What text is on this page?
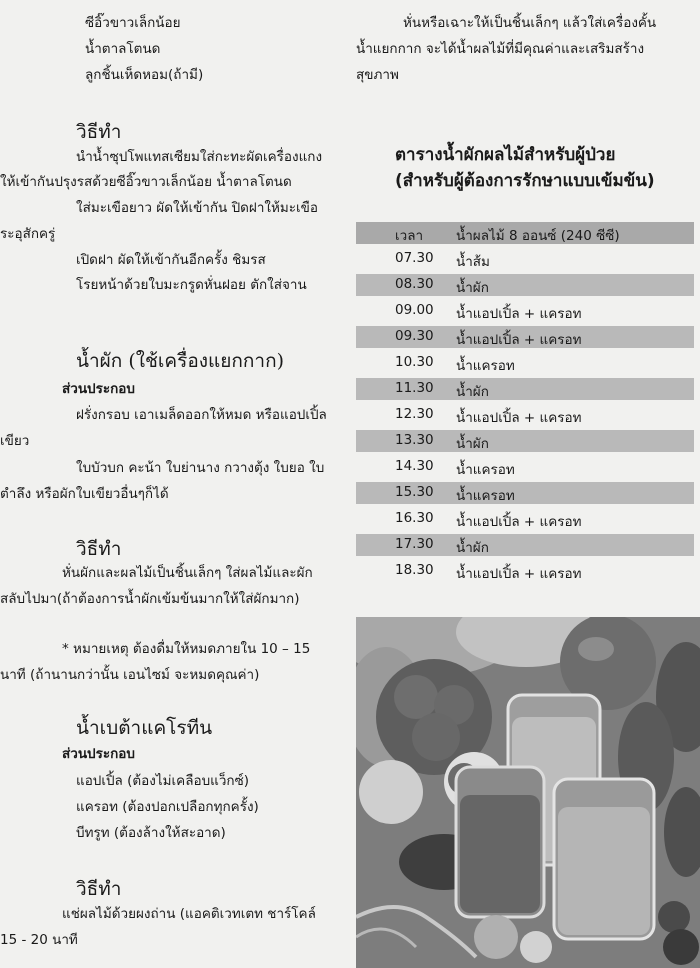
ซีอิ๊วขาวเล็กน้อย
น้ำตาลโตนด
ลูกชิ้นเห็ดหอม(ถ้ามี)
วิธีทำ
นำน้ำซุปโพแทสเซียมใส่กะทะผัดเครื่องแกง
ให้เข้ากันปรุงรสด้วยซีอิ๊วขาวเล็กน้อย น้ำตาลโตนด
ใส่มะเขือยาว ผัดให้เข้ากัน ปิดฝาให้มะเขือ
ระอุสักครู่
เปิดฝา ผัดให้เข้ากันอีกครั้ง ชิมรส
โรยหน้าด้วยใบมะกรูดหั่นฝอย ตักใส่จาน
น้ำผัก (ใช้เครื่องแยกกาก)
ส่วนประกอบ
ฝรั่งกรอบ เอาเมล็ดออกให้หมด หรือแอปเปิ้ล
เขียว
ใบบัวบก คะน้า ใบย่านาง กวางตุ้ง ใบยอ ใบ
ตำลึง หรือผักใบเขียวอื่นๆก็ได้
วิธีทำ
หั่นผักและผลไม้เป็นชิ้นเล็กๆ ใส่ผลไม้และผัก
สลับไปมา(ถ้าต้องการน้ำผักเข้มข้นมากให้ใส่ผักมาก)
* หมายเหตุ ต้องดื่มให้หมดภายใน 10 – 15
นาที (ถ้านานกว่านั้น เอนไซม์ จะหมดคุณค่า)
น้ำเบต้าแคโรทีน
ส่วนประกอบ
แอปเปิ้ล (ต้องไม่เคลือบแว็กซ์)
แครอท (ต้องปอกเปลือกทุกครั้ง)
บีทรูท (ต้องล้างให้สะอาด)
วิธีทำ
แช่ผลไม้ด้วยผงถ่าน (แอคติเวทเตท ชาร์โคล์
15 - 20 นาที
หั่นหรือเฉาะให้เป็นชิ้นเล็กๆ แล้วใส่เครื่องคั้น
น้ำแยกกาก จะได้น้ำผลไม้ที่มีคุณค่าและเสริมสร้าง
สุขภาพ
ตารางน้ำผักผลไม้สำหรับผู้ป่วย
(สำหรับผู้ต้องการรักษาแบบเข้มข้น)
เวลา น้ำผลไม้ 8 ออนซ์ (240 ซีซี)
07.30 น้ำส้ม
08.30 น้ำผัก
09.00 น้ำแอปเปิ้ล + แครอท
09.30 น้ำแอปเปิ้ล + แครอท
10.30 น้ำแครอท
11.30 น้ำผัก
12.30 น้ำแอปเปิ้ล + แครอท
13.30 น้ำผัก
14.30 น้ำแครอท
15.30 น้ำแครอท
16.30 น้ำแอปเปิ้ล + แครอท
17.30 น้ำผัก
18.30 น้ำแอปเปิ้ล + แครอท
